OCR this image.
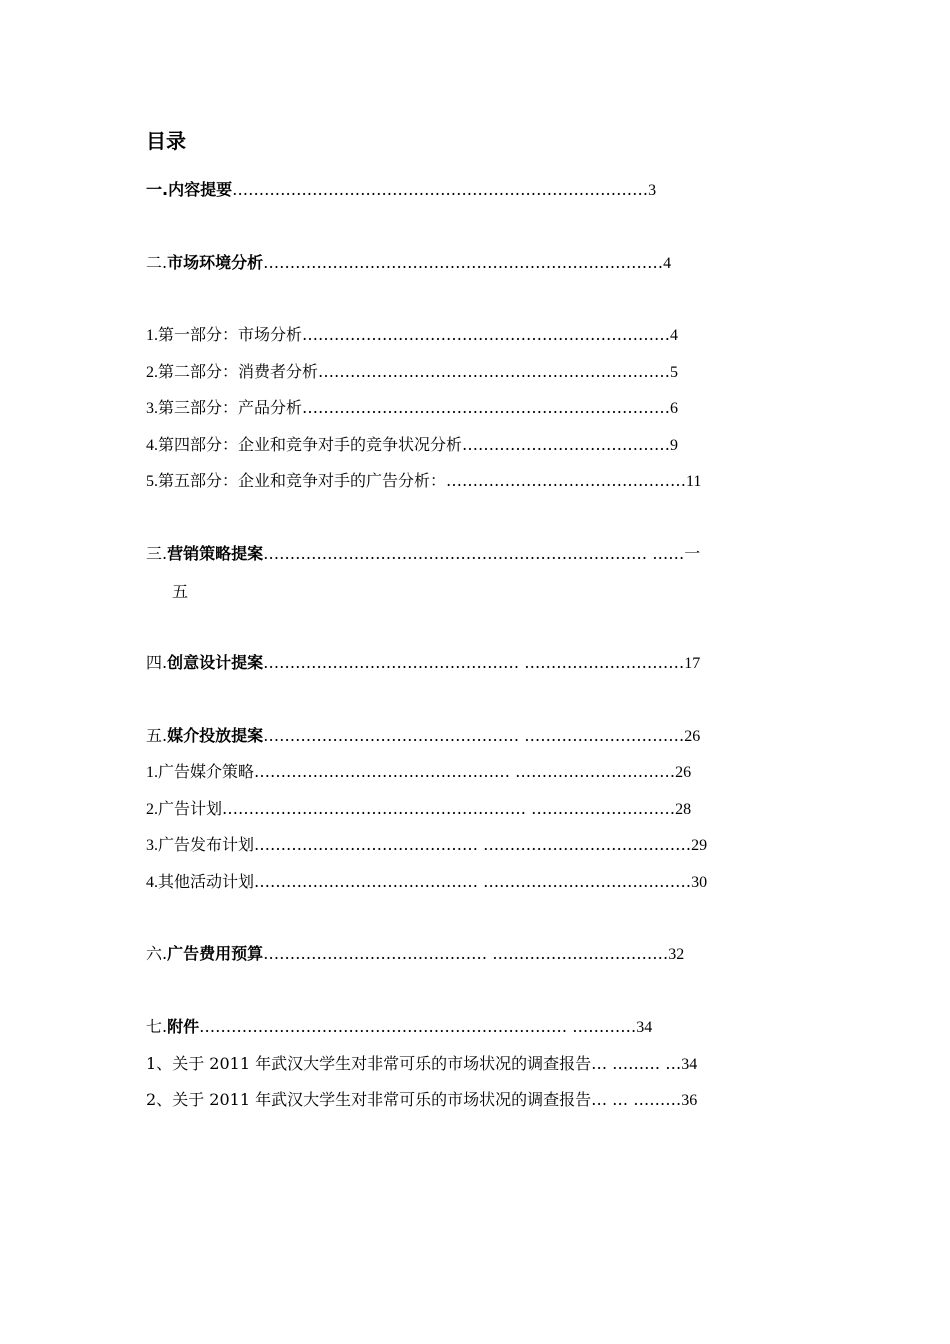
目录
一.内容提要……………………………………………………………………3
二.市场环境分析…………………………………………………………………4
1.第一部分：市场分析……………………………………………………………4
2.第二部分：消费者分析…………………………………………………………5
3.第三部分：产品分析……………………………………………………………6
4.第四部分：企业和竞争对手的竞争状况分析…………………………………9
5.第五部分：企业和竞争对手的广告分析：………………………………………11
三.营销策略提案……………………………………………………………… ……一
五
四.创意设计提案………………………………………… …………………………17
五.媒介投放提案………………………………………… …………………………26
1.广告媒介策略………………………………………… …………………………26
2.广告计划………………………………………………… ………………………28
3.广告发布计划…………………………………… …………………………………29
4.其他活动计划…………………………………… …………………………………30
六.广告费用预算…………………………………… ……………………………32
七.附件…………………………………………………………… …………34
1、关于 2011 年武汉大学生对非常可乐的市场状况的调查报告… ……… …34
2、关于 2011 年武汉大学生对非常可乐的市场状况的调查报告… … ………36
